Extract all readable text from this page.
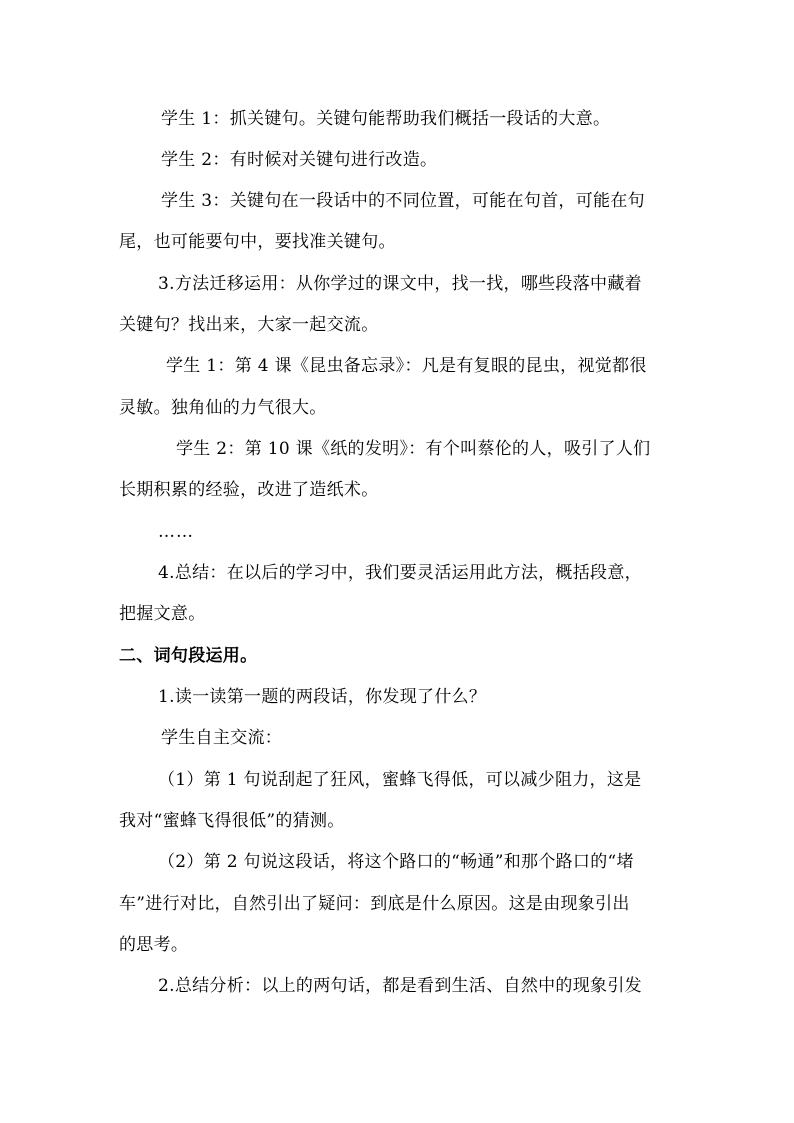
学生 1：抓关键句。关键句能帮助我们概括一段话的大意。
学生 2：有时候对关键句进行改造。
学生 3：关键句在一段话中的不同位置，可能在句首，可能在句
尾，也可能要句中，要找准关键句。
3.方法迁移运用：从你学过的课文中，找一找，哪些段落中藏着
关键句？找出来，大家一起交流。
学生 1：第 4 课《昆虫备忘录》：凡是有复眼的昆虫，视觉都很
灵敏。独角仙的力气很大。
学生 2：第 10 课《纸的发明》：有个叫蔡伦的人，吸引了人们
长期积累的经验，改进了造纸术。
……
4.总结：在以后的学习中，我们要灵活运用此方法，概括段意，
把握文意。
二、词句段运用。
1.读一读第一题的两段话，你发现了什么？
学生自主交流：
（1）第 1 句说刮起了狂风，蜜蜂飞得低，可以减少阻力，这是
我对“蜜蜂飞得很低”的猜测。
（2）第 2 句说这段话，将这个路口的“畅通”和那个路口的“堵
车”进行对比，自然引出了疑问：到底是什么原因。这是由现象引出
的思考。
2.总结分析：以上的两句话，都是看到生活、自然中的现象引发
